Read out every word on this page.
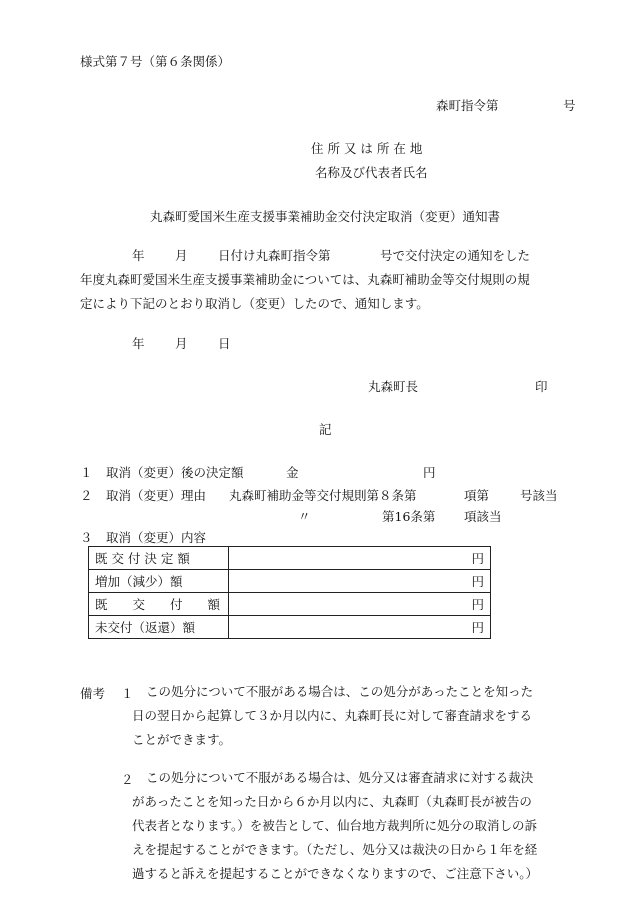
様式第７号（第６条関係）
森町指令第	号
住 所 又 は 所 在 地
名称及び代表者氏名
丸森町愛国米生産支援事業補助金交付決定取消（変更）通知書
年 月 日付け丸森町指令第	号で交付決定の通知をした
年度丸森町愛国米生産支援事業補助金については、丸森町補助金等交付規則の規
定により下記のとおり取消し（変更）したので、通知します。
年 月 日
丸森町長	印
記
１ 取消（変更）後の決定額	金	円
２ 取消（変更）理由 丸森町補助金等交付規則第８条第	項第 号該当
〃	第16条第 項該当
３ 取消（変更）内容
既 交 付 決 定 額	円
増加（減少）額	円
既　　交　　付　　額	円
未交付（返還）額	円
備考 １ この処分について不服がある場合は、この処分があったことを知った

日の翌日から起算して３か月以内に、丸森町長に対して審査請求をする

ことができます。

２ この処分について不服がある場合は、処分又は審査請求に対する裁決

があったことを知った日から６か月以内に、丸森町（丸森町長が被告の

代表者となります。）を被告として、仙台地方裁判所に処分の取消しの訴

えを提起することができます。（ただし、処分又は裁決の日から１年を経

過すると訴えを提起することができなくなりますので、ご注意下さい。）
